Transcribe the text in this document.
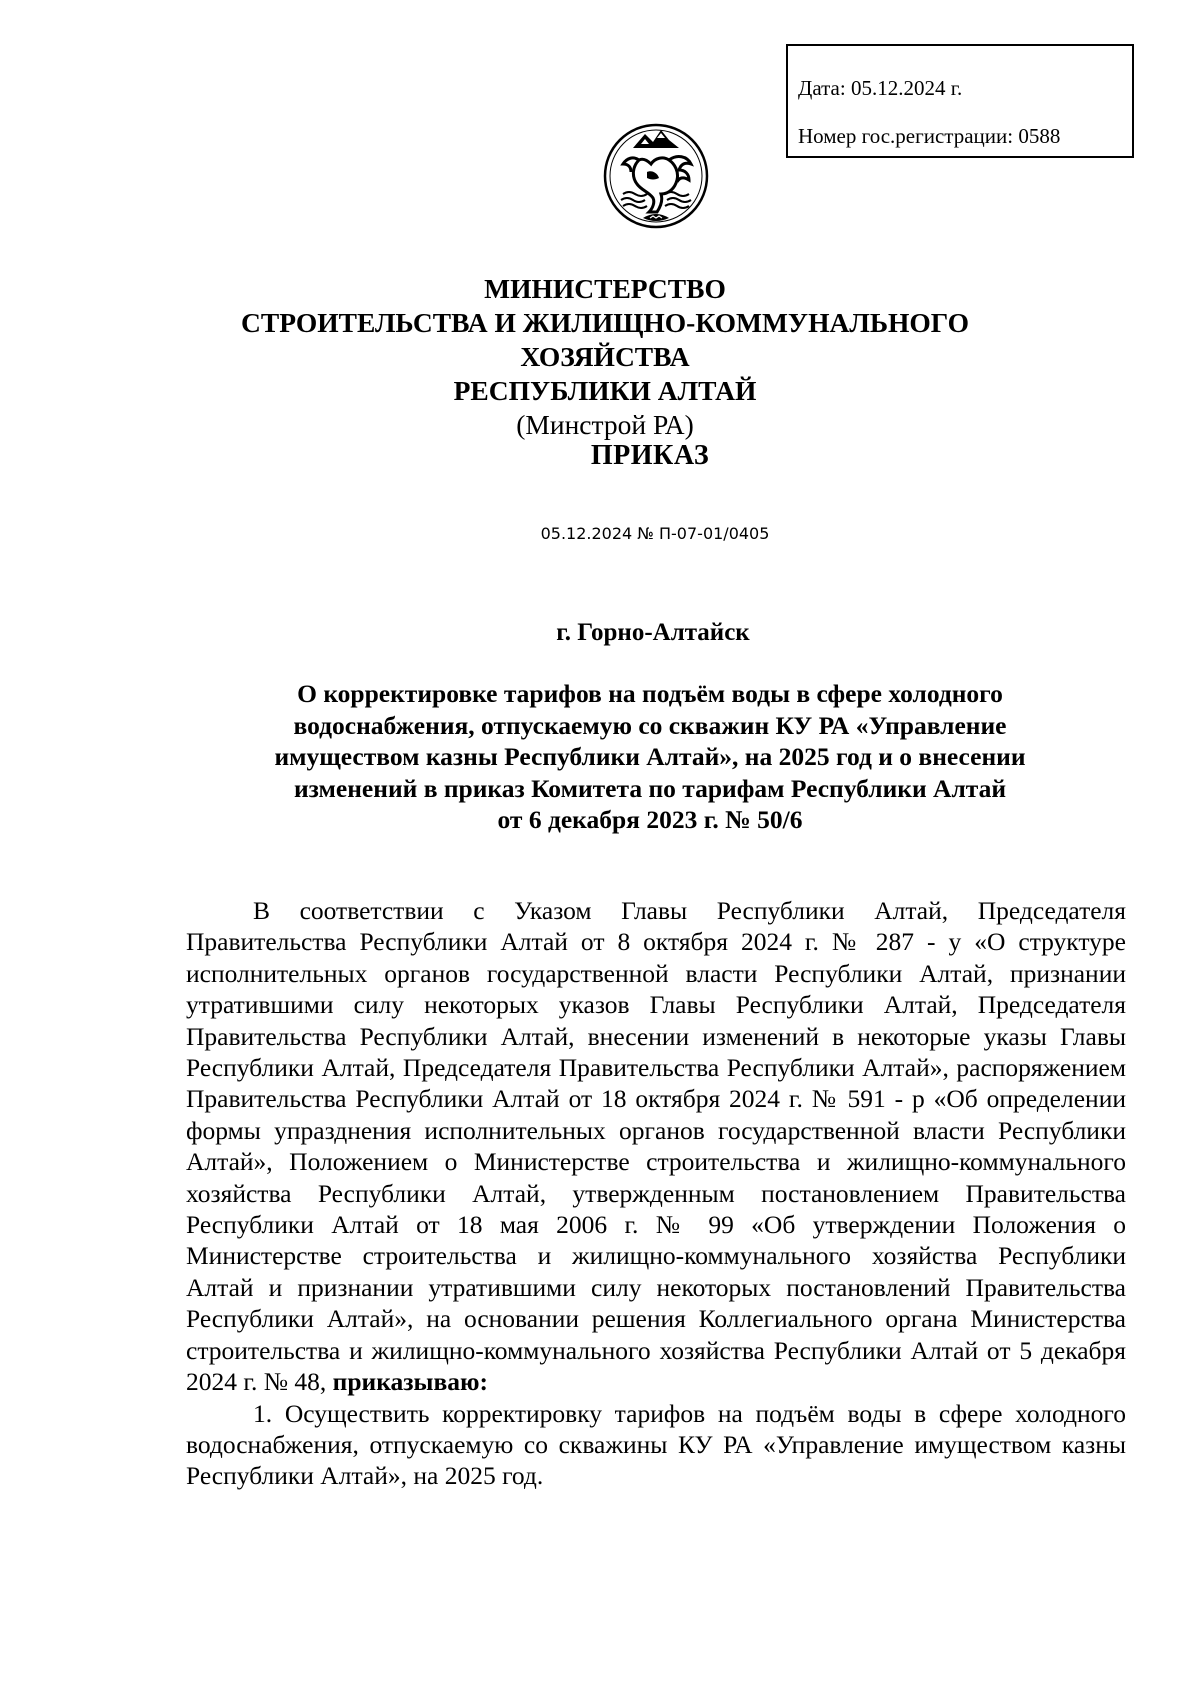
Дата: 05.12.2024 г.
Номер гос.регистрации: 0588
МИНИСТЕРСТВО
СТРОИТЕЛЬСТВА И ЖИЛИЩНО-КОММУНАЛЬНОГО ХОЗЯЙСТВА
РЕСПУБЛИКИ АЛТАЙ
(Минстрой РА)
ПРИКАЗ
05.12.2024 № П-07-01/0405
г. Горно-Алтайск
О корректировке тарифов на подъём воды в сфере холодного
водоснабжения, отпускаемую со скважин КУ РА «Управление
имуществом казны Республики Алтай», на 2025 год и о внесении
изменений в приказ Комитета по тарифам Республики Алтай
от 6 декабря 2023 г. № 50/6

В соответствии с Указом Главы Республики Алтай, Председателя Правительства Республики Алтай от 8 октября 2024 г. № 287 - у «О структуре исполнительных органов государственной власти Республики Алтай, признании утратившими силу некоторых указов Главы Республики Алтай, Председателя Правительства Республики Алтай, внесении изменений в некоторые указы Главы Республики Алтай, Председателя Правительства Республики Алтай», распоряжением Правительства Республики Алтай от 18 октября 2024 г. № 591 - р «Об определении формы упразднения исполнительных органов государственной власти Республики Алтай», Положением о Министерстве строительства и жилищно-коммунального хозяйства Республики Алтай, утвержденным постановлением Правительства Республики Алтай от 18 мая 2006 г. № 99 «Об утверждении Положения о Министерстве строительства и жилищно-коммунального хозяйства Республики Алтай и признании утратившими силу некоторых постановлений Правительства Республики Алтай», на основании решения Коллегиального органа Министерства строительства и жилищно-коммунального хозяйства Республики Алтай от 5 декабря 2024 г. № 48, приказываю:

1. Осуществить корректировку тарифов на подъём воды в сфере холодного водоснабжения, отпускаемую со скважины КУ РА «Управление имуществом казны Республики Алтай», на 2025 год.
